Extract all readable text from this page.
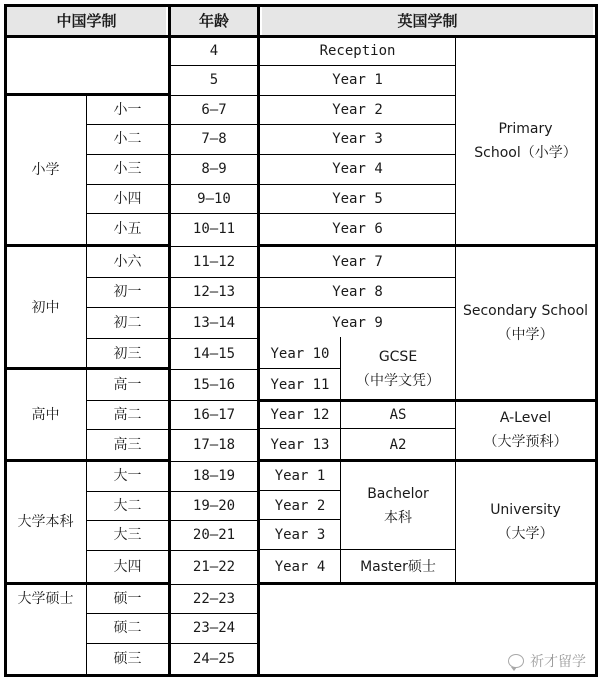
中国学制	年龄	英国学制
小学
初中
高中
大学本科
大学硕士
小一
小二
小三
小四
小五
小六
初一
初二
初三
高一
高二
高三
大一
大二
大三
大四
硕一
硕二
硕三
4
5
6—7
7—8
8—9
9—10
10—11
11—12
12—13
13—14
14—15
15—16
16—17
17—18
18—19
19—20
20—21
21—22
22—23
23—24
24—25
Reception
Year 1
Year 2
Year 3
Year 4
Year 5
Year 6
Year 7
Year 8
Year 9
Year 10
Year 11
GCSE
（中学文凭）
Year 12
Year 13
AS
A2
Year 1
Year 2
Year 3
Year 4
Bachelor
本科
Master硕士
Primary
School（小学）
Secondary School
（中学）
A-Level
（大学预科）
University
（大学）
祈才留学
